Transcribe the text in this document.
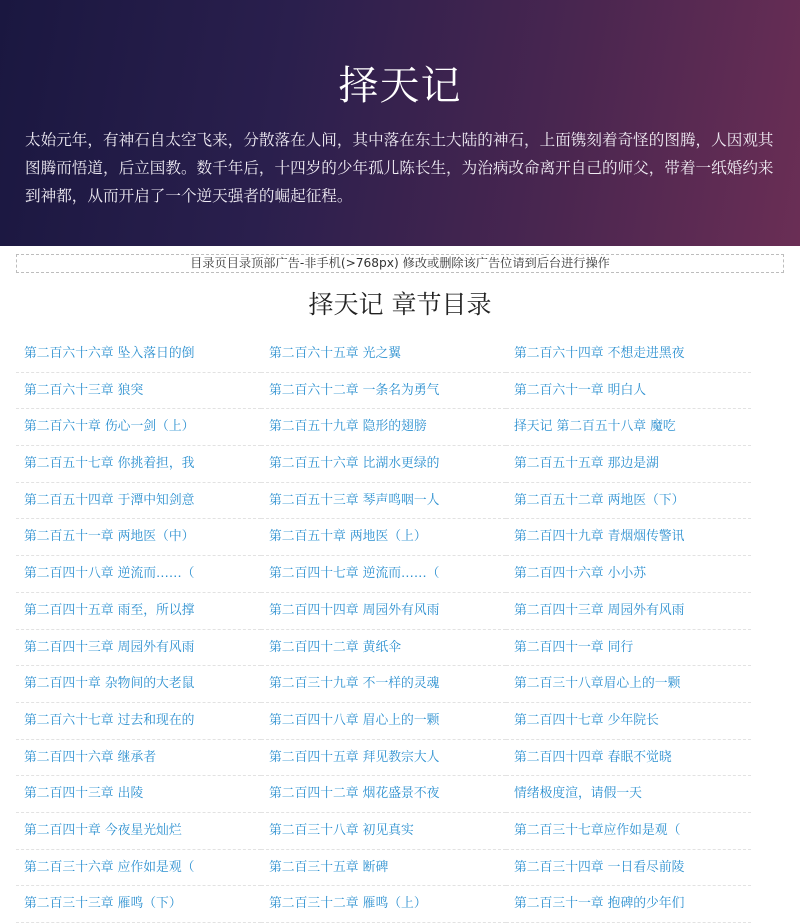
择天记

太始元年，有神石自太空飞来，分散落在人间，其中落在东土大陆的神石，上面镌刻着奇怪的图腾，人因观其图腾而悟道，后立国教。数千年后，十四岁的少年孤儿陈长生，为治病改命离开自己的师父，带着一纸婚约来到神都，从而开启了一个逆天强者的崛起征程。

目录页目录顶部广告-非手机(>768px) 修改或删除该广告位请到后台进行操作
择天记 章节目录
第二百六十六章 坠入落日的倒	第二百六十五章 光之翼	第二百六十四章 不想走进黑夜
第二百六十三章 狼突	第二百六十二章 一条名为勇气	第二百六十一章 明白人
第二百六十章 伤心一剑（上）	第二百五十九章 隐形的翅膀	择天记 第二百五十八章 魔吃
第二百五十七章 你挑着担，我	第二百五十六章 比湖水更绿的	第二百五十五章 那边是湖
第二百五十四章 于潭中知剑意	第二百五十三章 琴声鸣咽一人	第二百五十二章 两地医（下）
第二百五十一章 两地医（中）	第二百五十章 两地医（上）	第二百四十九章 青烟烟传警讯
第二百四十八章 逆流而……（	第二百四十七章 逆流而……（	第二百四十六章 小小苏
第二百四十五章 雨至，所以撑	第二百四十四章 周园外有风雨	第二百四十三章 周园外有风雨
第二百四十三章 周园外有风雨	第二百四十二章 黄纸伞	第二百四十一章 同行
第二百四十章 杂物间的大老鼠	第二百三十九章 不一样的灵魂	第二百三十八章眉心上的一颗
第二百六十七章 过去和现在的	第二百四十八章 眉心上的一颗	第二百四十七章 少年院长
第二百四十六章 继承者	第二百四十五章 拜见教宗大人	第二百四十四章 春眠不觉晓
第二百四十三章 出陵	第二百四十二章 烟花盛景不夜	情绪极度渲，请假一天
第二百四十章 今夜星光灿烂	第二百三十八章 初见真实	第二百三十七章应作如是观（
第二百三十六章 应作如是观（	第二百三十五章 断碑	第二百三十四章 一日看尽前陵
第二百三十三章 雁鸣（下）	第二百三十二章 雁鸣（上）	第二百三十一章 抱碑的少年们
